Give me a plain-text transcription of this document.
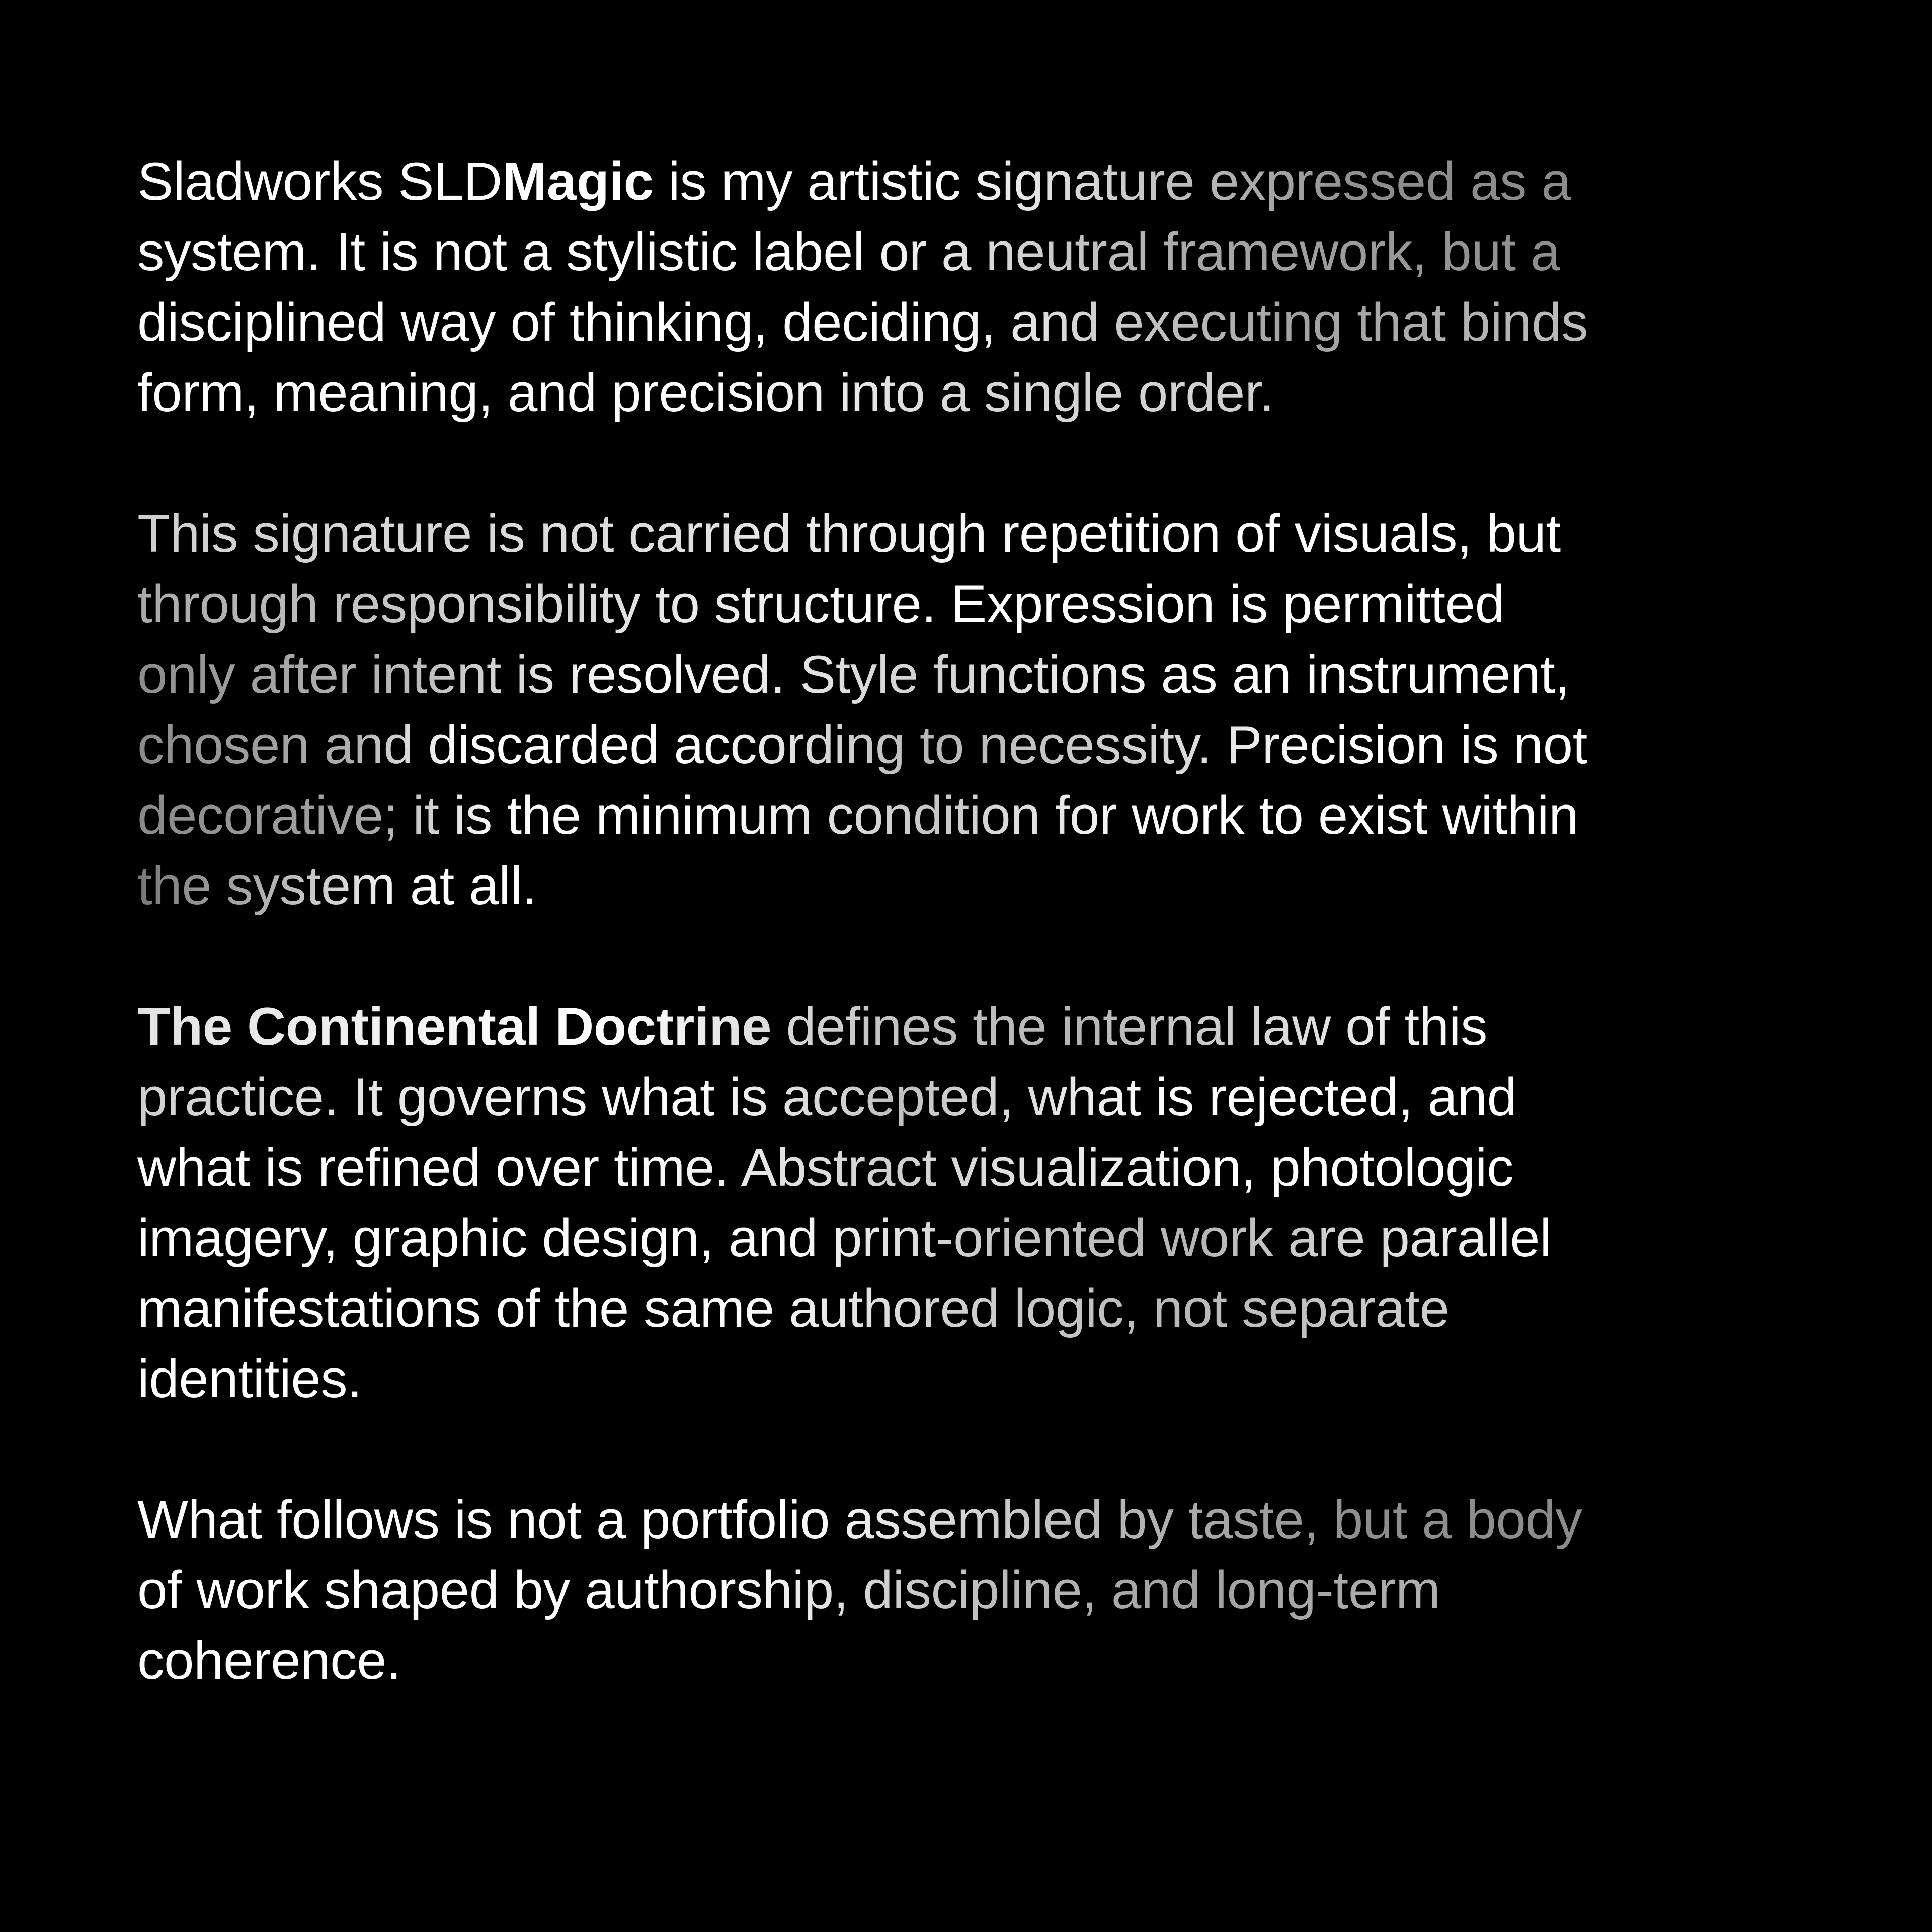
Sladworks SLDMagic is my artistic signature expressed as a
system. It is not a stylistic label or a neutral framework, but a
disciplined way of thinking, deciding, and executing that binds
form, meaning, and precision into a single order.

This signature is not carried through repetition of visuals, but
through responsibility to structure. Expression is permitted
only after intent is resolved. Style functions as an instrument,
chosen and discarded according to necessity. Precision is not
decorative; it is the minimum condition for work to exist within
the system at all.

The Continental Doctrine defines the internal law of this
practice. It governs what is accepted, what is rejected, and
what is refined over time. Abstract visualization, photologic
imagery, graphic design, and print-oriented work are parallel
manifestations of the same authored logic, not separate
identities.

What follows is not a portfolio assembled by taste, but a body
of work shaped by authorship, discipline, and long-term
coherence.
